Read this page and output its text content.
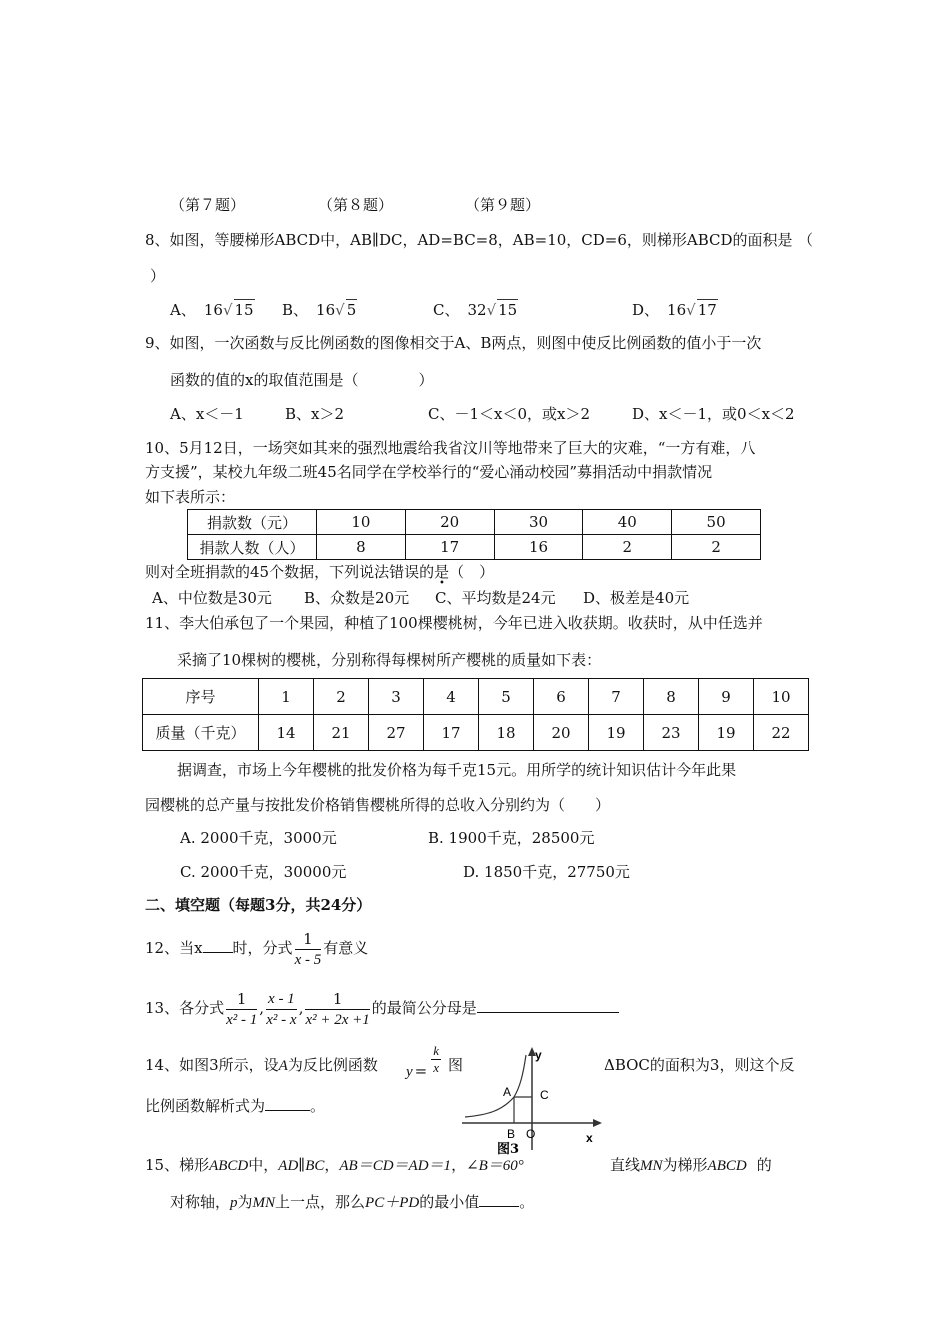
（第７题）	（第８题）	（第９题）
8、如图，等腰梯形ABCD中，AB∥DC，AD=BC=8，AB=10，CD=6，则梯形ABCD的面积是 （
）
A、 16√ 15 B、 16√ 5	C、 32√ 15	D、 16√ 17
9、如图，一次函数与反比例函数的图像相交于A、B两点，则图中使反比例函数的值小于一次
函数的值的x的取值范围是（　　　　）
A、x＜－1	B、x＞2	C、－1＜x＜0，或x＞2	D、x＜－1，或0＜x＜2
10、5月12日，一场突如其来的强烈地震给我省汶川等地带来了巨大的灾难，“一方有难，八
方支援”，某校九年级二班45名同学在学校举行的“爱心涌动校园”募捐活动中捐款情况
如下表所示：
捐款数（元）	10	20	30	40	50
捐款人数（人）	8	17	16	2	2
则对全班捐款的45个数据，下列说法错误的是（　）
•
A、中位数是30元 B、众数是20元 C、平均数是24元 D、极差是40元
11、李大伯承包了一个果园，种植了100棵樱桃树，今年已进入收获期。收获时，从中任选并
采摘了10棵树的樱桃，分别称得每棵树所产樱桃的质量如下表：
序号	1	2	3	4	5	6	7	8	9	10
质量（千克）	14	21	27	17	18	20	19	23	19	22
据调查，市场上今年樱桃的批发价格为每千克15元。用所学的统计知识估计今年此果
园樱桃的总产量与按批发价格销售樱桃所得的总收入分别约为（　　）
A. 2000千克，3000元	B. 1900千克，28500元
C. 2000千克，30000元	D. 1850千克，27750元
二、填空题（每题3分，共24分）
12、当x 时，分式 $\frac{1}{x - 5}$ 有意义
13、各分式 $\frac{1}{\text{x² - 1}}$ , $\frac{x - 1}{\text{x² - x}}$ , $\frac{1}{\text{x² + 2x +1}}$ 的最简公分母是
14、如图3所示，设A为反比例函数 $y = \frac{k}{x}$ 图	ΔBOC的面积为3，则这个反
比例函数解析式为	。
y
x
A C
B O
图3
15、梯形ABCD中，AD∥BC，AB＝CD＝AD＝1，∠B＝60°	直线MN为梯形ABCD 的
对称轴，p为MN上一点，那么PC＋PD的最小值	。
